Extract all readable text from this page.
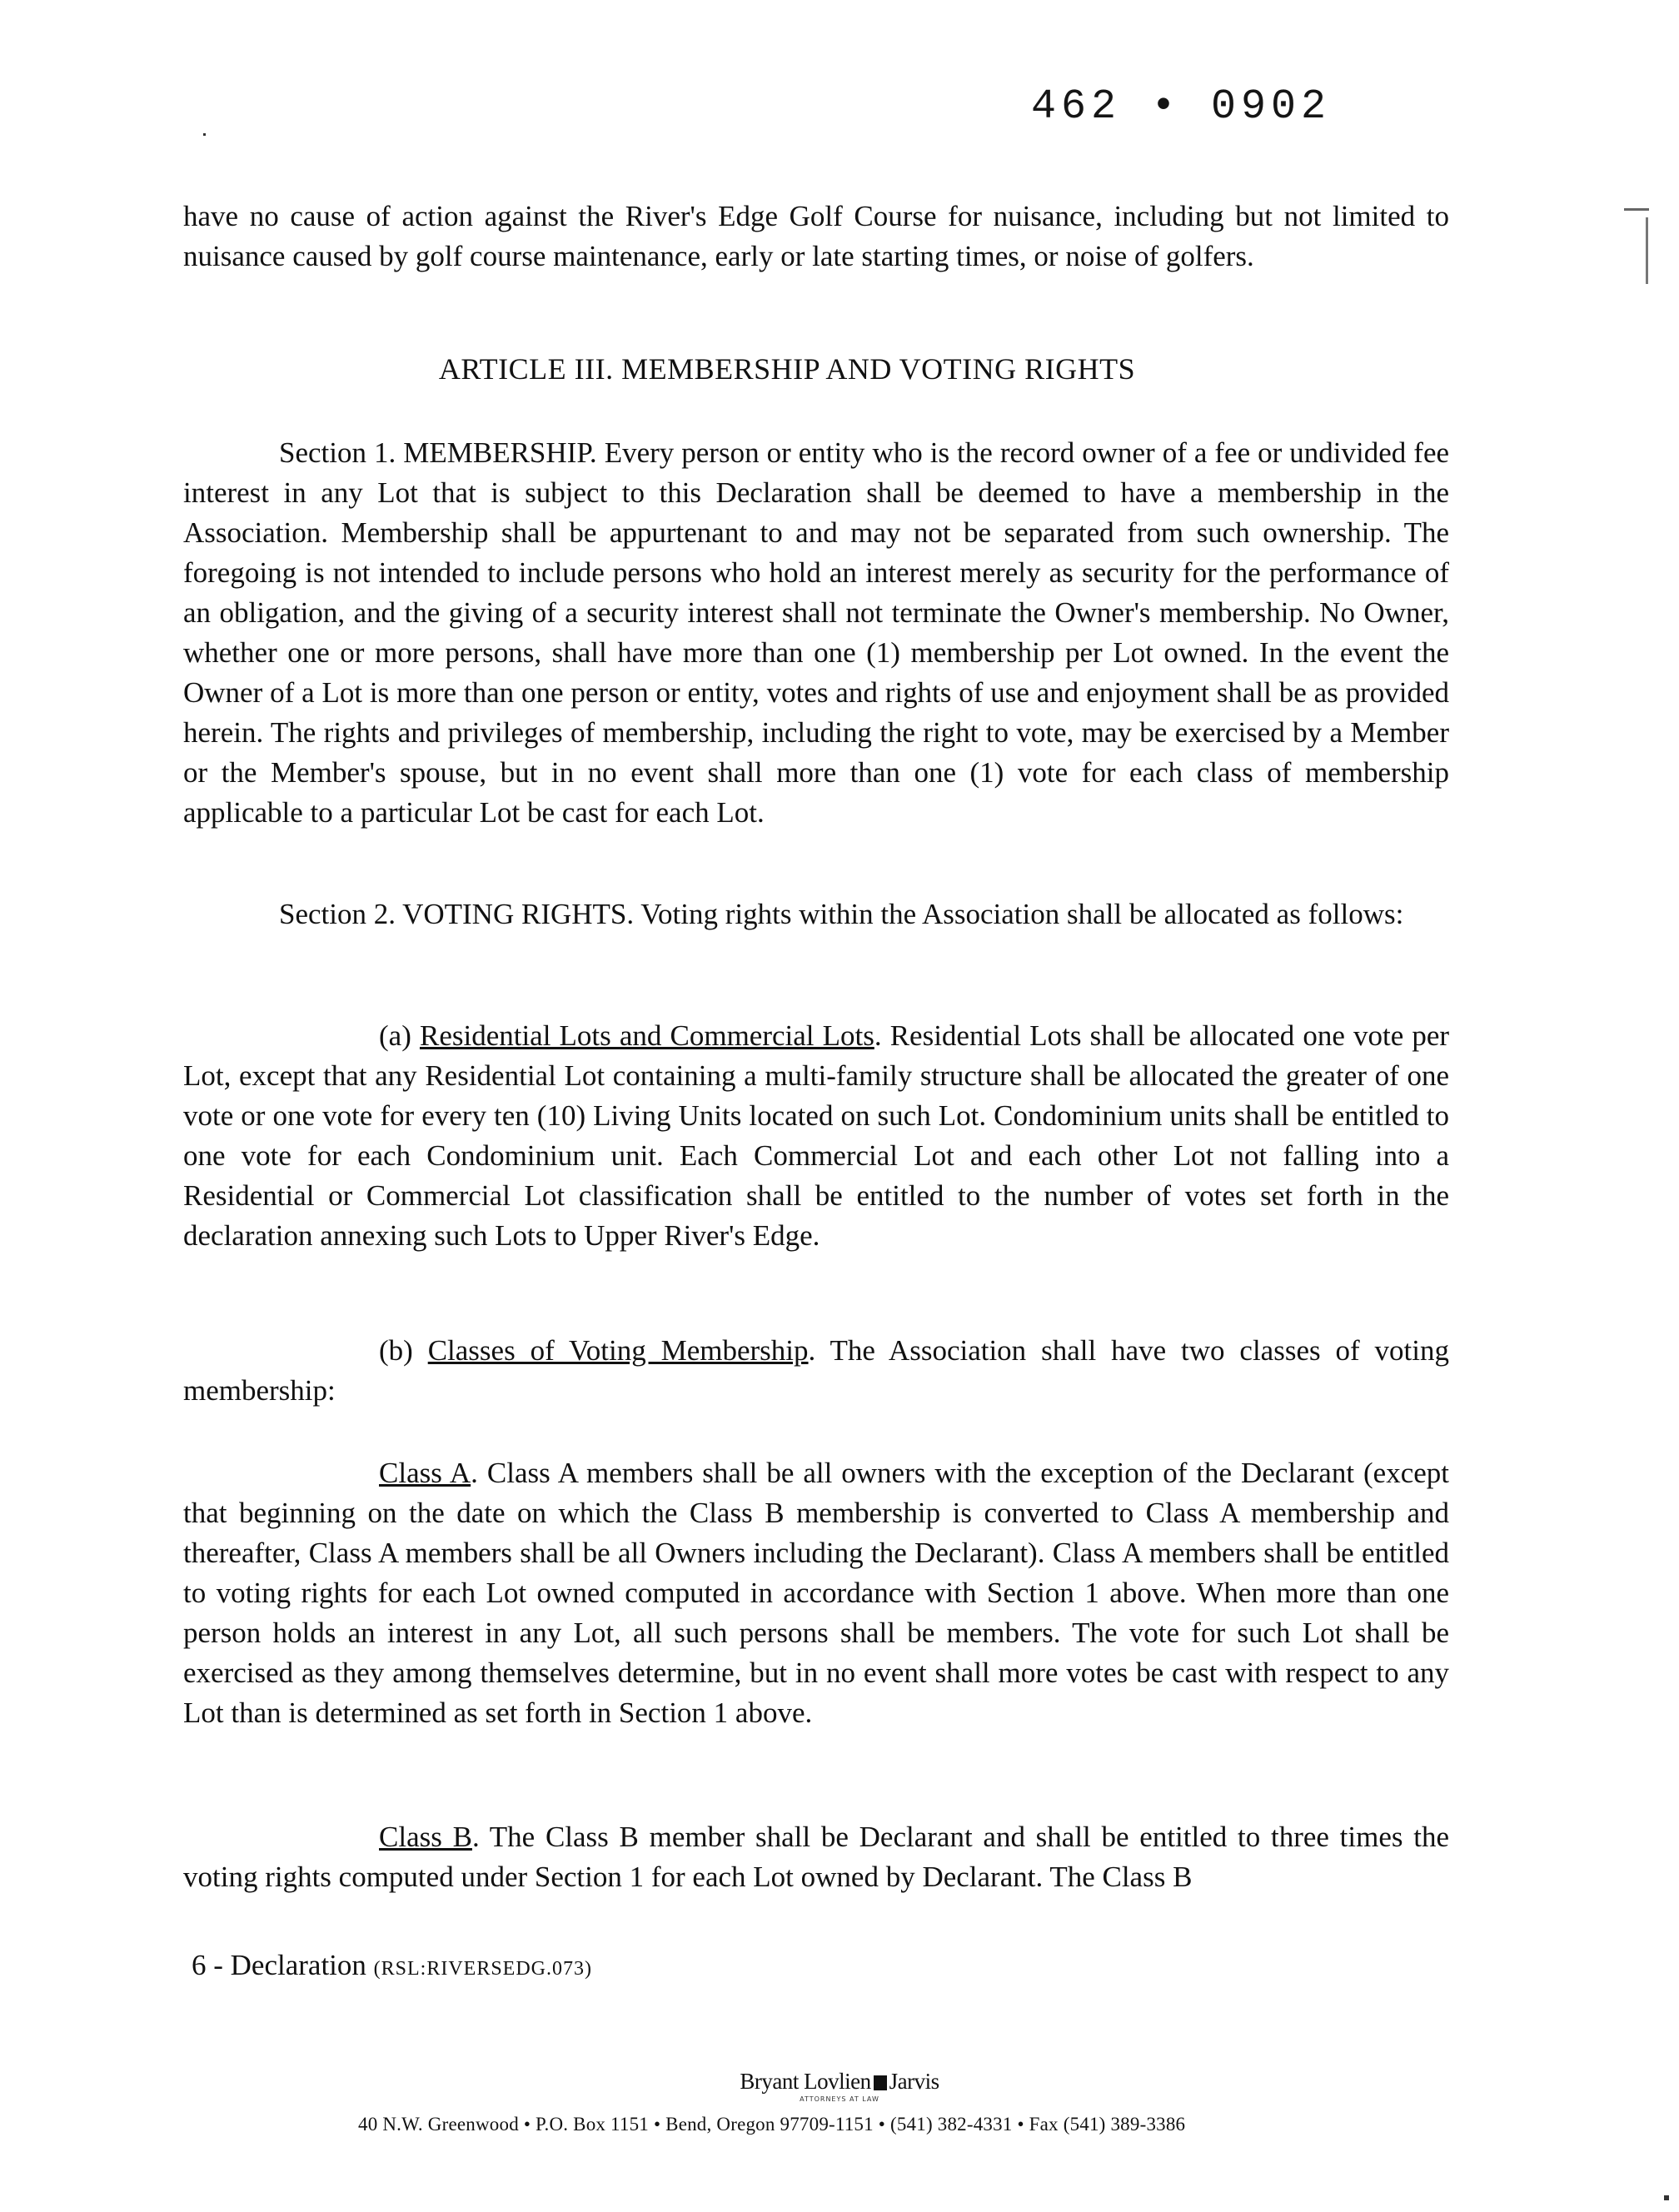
462 • 0902

have no cause of action against the River's Edge Golf Course for nuisance, including but not limited to nuisance caused by golf course maintenance, early or late starting times, or noise of golfers.

ARTICLE III. MEMBERSHIP AND VOTING RIGHTS

Section 1. MEMBERSHIP. Every person or entity who is the record owner of a fee or undivided fee interest in any Lot that is subject to this Declaration shall be deemed to have a membership in the Association. Membership shall be appurtenant to and may not be separated from such ownership. The foregoing is not intended to include persons who hold an interest merely as security for the performance of an obligation, and the giving of a security interest shall not terminate the Owner's membership. No Owner, whether one or more persons, shall have more than one (1) membership per Lot owned. In the event the Owner of a Lot is more than one person or entity, votes and rights of use and enjoyment shall be as provided herein. The rights and privileges of membership, including the right to vote, may be exercised by a Member or the Member's spouse, but in no event shall more than one (1) vote for each class of membership applicable to a particular Lot be cast for each Lot.

Section 2. VOTING RIGHTS. Voting rights within the Association shall be allocated as follows:

(a) Residential Lots and Commercial Lots. Residential Lots shall be allocated one vote per Lot, except that any Residential Lot containing a multi-family structure shall be allocated the greater of one vote or one vote for every ten (10) Living Units located on such Lot. Condominium units shall be entitled to one vote for each Condominium unit. Each Commercial Lot and each other Lot not falling into a Residential or Commercial Lot classification shall be entitled to the number of votes set forth in the declaration annexing such Lots to Upper River's Edge.

(b) Classes of Voting Membership. The Association shall have two classes of voting membership:

Class A. Class A members shall be all owners with the exception of the Declarant (except that beginning on the date on which the Class B membership is converted to Class A membership and thereafter, Class A members shall be all Owners including the Declarant). Class A members shall be entitled to voting rights for each Lot owned computed in accordance with Section 1 above. When more than one person holds an interest in any Lot, all such persons shall be members. The vote for such Lot shall be exercised as they among themselves determine, but in no event shall more votes be cast with respect to any Lot than is determined as set forth in Section 1 above.

Class B. The Class B member shall be Declarant and shall be entitled to three times the voting rights computed under Section 1 for each Lot owned by Declarant. The Class B

6 - Declaration (RSL:RIVERSEDG.073)
Bryant Lovlien Jarvis
ATTORNEYS AT LAW
40 N.W. Greenwood • P.O. Box 1151 • Bend, Oregon 97709-1151 • (541) 382-4331 • Fax (541) 389-3386
